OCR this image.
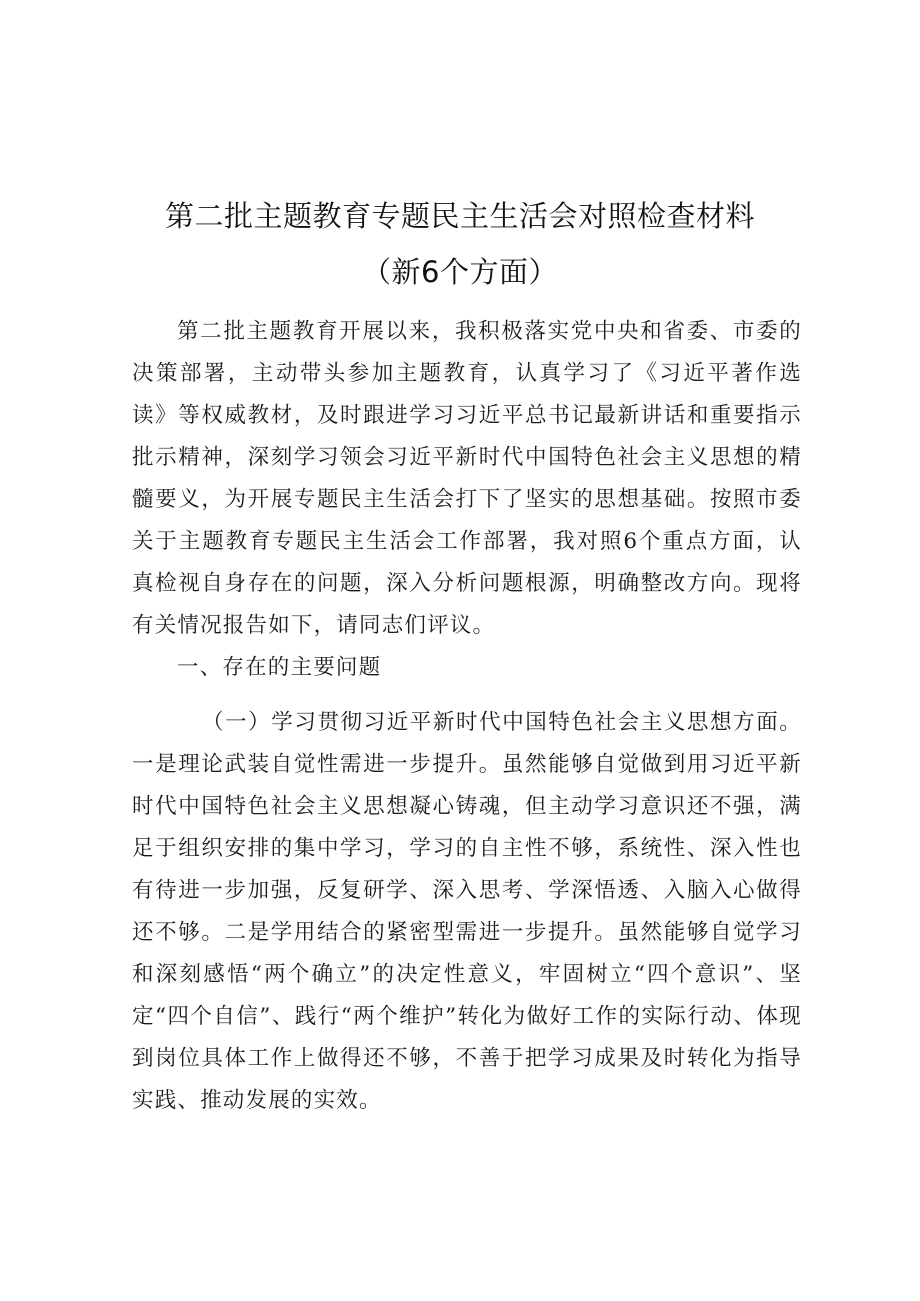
第二批主题教育专题民主生活会对照检查材料
（新6个方面）

第二批主题教育开展以来，我积极落实党中央和省委、市委的决策部署，主动带头参加主题教育，认真学习了《习近平著作选读》等权威教材，及时跟进学习习近平总书记最新讲话和重要指示批示精神，深刻学习领会习近平新时代中国特色社会主义思想的精髓要义，为开展专题民主生活会打下了坚实的思想基础。按照市委关于主题教育专题民主生活会工作部署，我对照6个重点方面，认真检视自身存在的问题，深入分析问题根源，明确整改方向。现将有关情况报告如下，请同志们评议。

一、存在的主要问题

（一）学习贯彻习近平新时代中国特色社会主义思想方面。一是理论武装自觉性需进一步提升。虽然能够自觉做到用习近平新时代中国特色社会主义思想凝心铸魂，但主动学习意识还不强，满足于组织安排的集中学习，学习的自主性不够，系统性、深入性也有待进一步加强，反复研学、深入思考、学深悟透、入脑入心做得还不够。二是学用结合的紧密型需进一步提升。虽然能够自觉学习和深刻感悟“两个确立”的决定性意义，牢固树立“四个意识”、坚定“四个自信”、践行“两个维护”转化为做好工作的实际行动、体现到岗位具体工作上做得还不够，不善于把学习成果及时转化为指导实践、推动发展的实效。
